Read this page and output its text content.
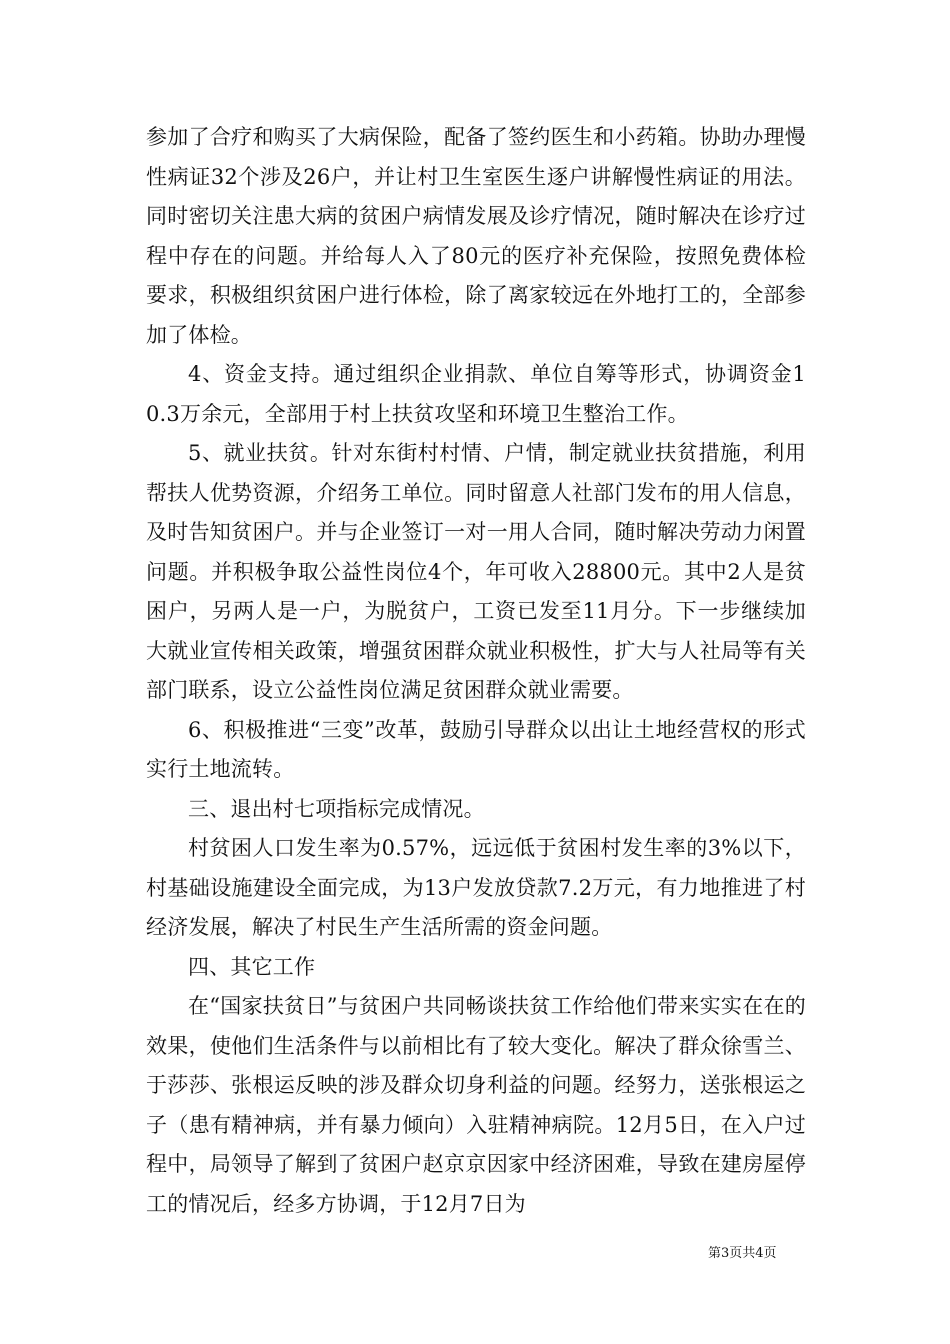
参加了合疗和购买了大病保险，配备了签约医生和小药箱。协助办理慢性病证32个涉及26户，并让村卫生室医生逐户讲解慢性病证的用法。同时密切关注患大病的贫困户病情发展及诊疗情况，随时解决在诊疗过程中存在的问题。并给每人入了80元的医疗补充保险，按照免费体检要求，积极组织贫困户进行体检，除了离家较远在外地打工的，全部参加了体检。

4、资金支持。通过组织企业捐款、单位自筹等形式，协调资金10.3万余元，全部用于村上扶贫攻坚和环境卫生整治工作。

5、就业扶贫。针对东街村村情、户情，制定就业扶贫措施，利用帮扶人优势资源，介绍务工单位。同时留意人社部门发布的用人信息，及时告知贫困户。并与企业签订一对一用人合同，随时解决劳动力闲置问题。并积极争取公益性岗位4个，年可收入28800元。其中2人是贫困户，另两人是一户，为脱贫户，工资已发至11月分。下一步继续加大就业宣传相关政策，增强贫困群众就业积极性，扩大与人社局等有关部门联系，设立公益性岗位满足贫困群众就业需要。

6、积极推进“三变”改革，鼓励引导群众以出让土地经营权的形式实行土地流转。

三、退出村七项指标完成情况。

村贫困人口发生率为0.57%，远远低于贫困村发生率的3%以下，村基础设施建设全面完成，为13户发放贷款7.2万元，有力地推进了村经济发展，解决了村民生产生活所需的资金问题。

四、其它工作

在“国家扶贫日”与贫困户共同畅谈扶贫工作给他们带来实实在在的效果，使他们生活条件与以前相比有了较大变化。解决了群众徐雪兰、于莎莎、张根运反映的涉及群众切身利益的问题。经努力，送张根运之子（患有精神病，并有暴力倾向）入驻精神病院。12月5日，在入户过程中，局领导了解到了贫困户赵京京因家中经济困难，导致在建房屋停工的情况后，经多方协调，于12月7日为

第3页共4页
